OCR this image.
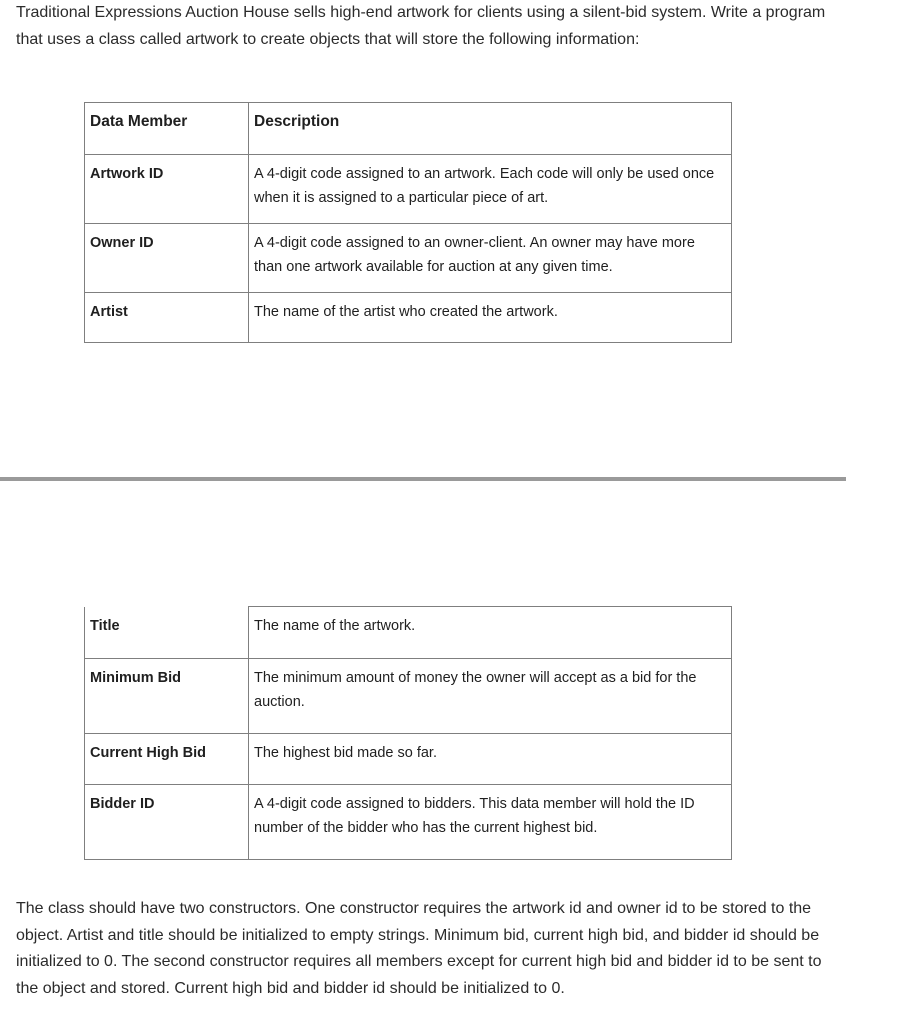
Traditional Expressions Auction House sells high-end artwork for clients using a silent-bid system. Write a program that uses a class called artwork to create objects that will store the following information:

Data Member	Description
Artwork ID	A 4-digit code assigned to an artwork. Each code will only be used once when it is assigned to a particular piece of art.
Owner ID	A 4-digit code assigned to an owner-client. An owner may have more than one artwork available for auction at any given time.
Artist	The name of the artist who created the artwork.
Title	The name of the artwork.
Minimum Bid	The minimum amount of money the owner will accept as a bid for the auction.
Current High Bid	The highest bid made so far.
Bidder ID	A 4-digit code assigned to bidders. This data member will hold the ID number of the bidder who has the current highest bid.

The class should have two constructors. One constructor requires the artwork id and owner id to be stored to the object. Artist and title should be initialized to empty strings. Minimum bid, current high bid, and bidder id should be initialized to 0. The second constructor requires all members except for current high bid and bidder id to be sent to the object and stored. Current high bid and bidder id should be initialized to 0.
